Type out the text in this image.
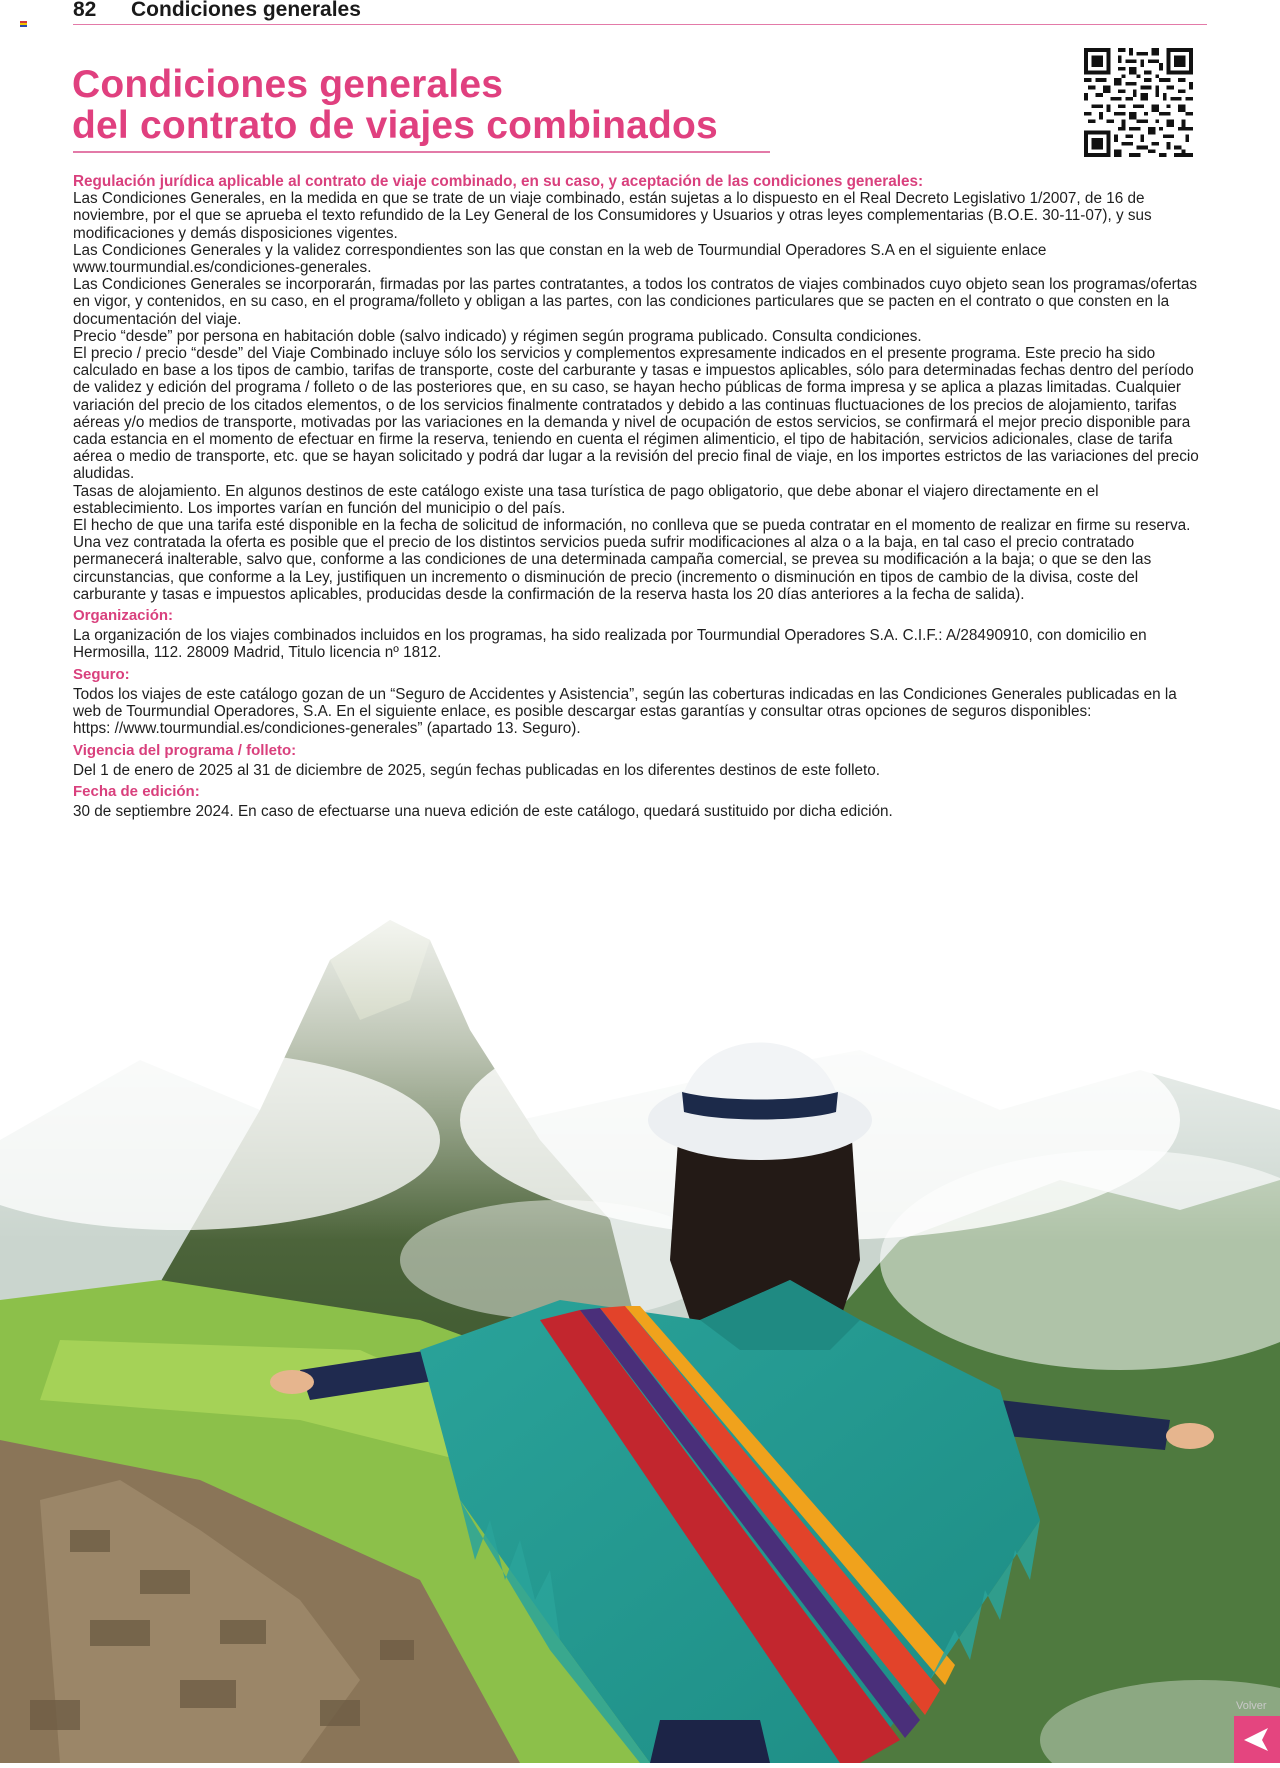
82 Condiciones generales
Condiciones generales
del contrato de viajes combinados

Regulación jurídica aplicable al contrato de viaje combinado, en su caso, y aceptación de las condiciones generales:

Las Condiciones Generales, en la medida en que se trate de un viaje combinado, están sujetas a lo dispuesto en el Real Decreto Legislativo 1/2007, de 16 de noviembre, por el que se aprueba el texto refundido de la Ley General de los Consumidores y Usuarios y otras leyes complementarias (B.O.E. 30-11-07), y sus modificaciones y demás disposiciones vigentes.

Las Condiciones Generales y la validez correspondientes son las que constan en la web de Tourmundial Operadores S.A en el siguiente enlace www.tourmundial.es/condiciones-generales.

Las Condiciones Generales se incorporarán, firmadas por las partes contratantes, a todos los contratos de viajes combinados cuyo objeto sean los programas/ofertas en vigor, y contenidos, en su caso, en el programa/folleto y obligan a las partes, con las condiciones particulares que se pacten en el contrato o que consten en la documentación del viaje.

Precio “desde” por persona en habitación doble (salvo indicado) y régimen según programa publicado. Consulta condiciones.

El precio / precio “desde” del Viaje Combinado incluye sólo los servicios y complementos expresamente indicados en el presente programa. Este precio ha sido calculado en base a los tipos de cambio, tarifas de transporte, coste del carburante y tasas e impuestos aplicables, sólo para determinadas fechas dentro del período de validez y edición del programa / folleto o de las posteriores que, en su caso, se hayan hecho públicas de forma impresa y se aplica a plazas limitadas. Cualquier variación del precio de los citados elementos, o de los servicios finalmente contratados y debido a las continuas fluctuaciones de los precios de alojamiento, tarifas aéreas y/o medios de transporte, motivadas por las variaciones en la demanda y nivel de ocupación de estos servicios, se confirmará el mejor precio disponible para cada estancia en el momento de efectuar en firme la reserva, teniendo en cuenta el régimen alimenticio, el tipo de habitación, servicios adicionales, clase de tarifa aérea o medio de transporte, etc. que se hayan solicitado y podrá dar lugar a la revisión del precio final de viaje, en los importes estrictos de las variaciones del precio aludidas.

Tasas de alojamiento. En algunos destinos de este catálogo existe una tasa turística de pago obligatorio, que debe abonar el viajero directamente en el establecimiento. Los importes varían en función del municipio o del país.

El hecho de que una tarifa esté disponible en la fecha de solicitud de información, no conlleva que se pueda contratar en el momento de realizar en firme su reserva. Una vez contratada la oferta es posible que el precio de los distintos servicios pueda sufrir modificaciones al alza o a la baja, en tal caso el precio contratado permanecerá inalterable, salvo que, conforme a las condiciones de una determinada campaña comercial, se prevea su modificación a la baja; o que se den las circunstancias, que conforme a la Ley, justifiquen un incremento o disminución de precio (incremento o disminución en tipos de cambio de la divisa, coste del carburante y tasas e impuestos aplicables, producidas desde la confirmación de la reserva hasta los 20 días anteriores a la fecha de salida).

Organización:

La organización de los viajes combinados incluidos en los programas, ha sido realizada por Tourmundial Operadores S.A. C.I.F.: A/28490910, con domicilio en Hermosilla, 112. 28009 Madrid, Titulo licencia nº 1812.

Seguro:

Todos los viajes de este catálogo gozan de un “Seguro de Accidentes y Asistencia”, según las coberturas indicadas en las Condiciones Generales publicadas en la web de Tourmundial Operadores, S.A. En el siguiente enlace, es posible descargar estas garantías y consultar otras opciones de seguros disponibles:

https: //www.tourmundial.es/condiciones-generales” (apartado 13. Seguro).

Vigencia del programa / folleto:

Del 1 de enero de 2025 al 31 de diciembre de 2025, según fechas publicadas en los diferentes destinos de este folleto.

Fecha de edición:

30 de septiembre 2024. En caso de efectuarse una nueva edición de este catálogo, quedará sustituido por dicha edición.

Volver
